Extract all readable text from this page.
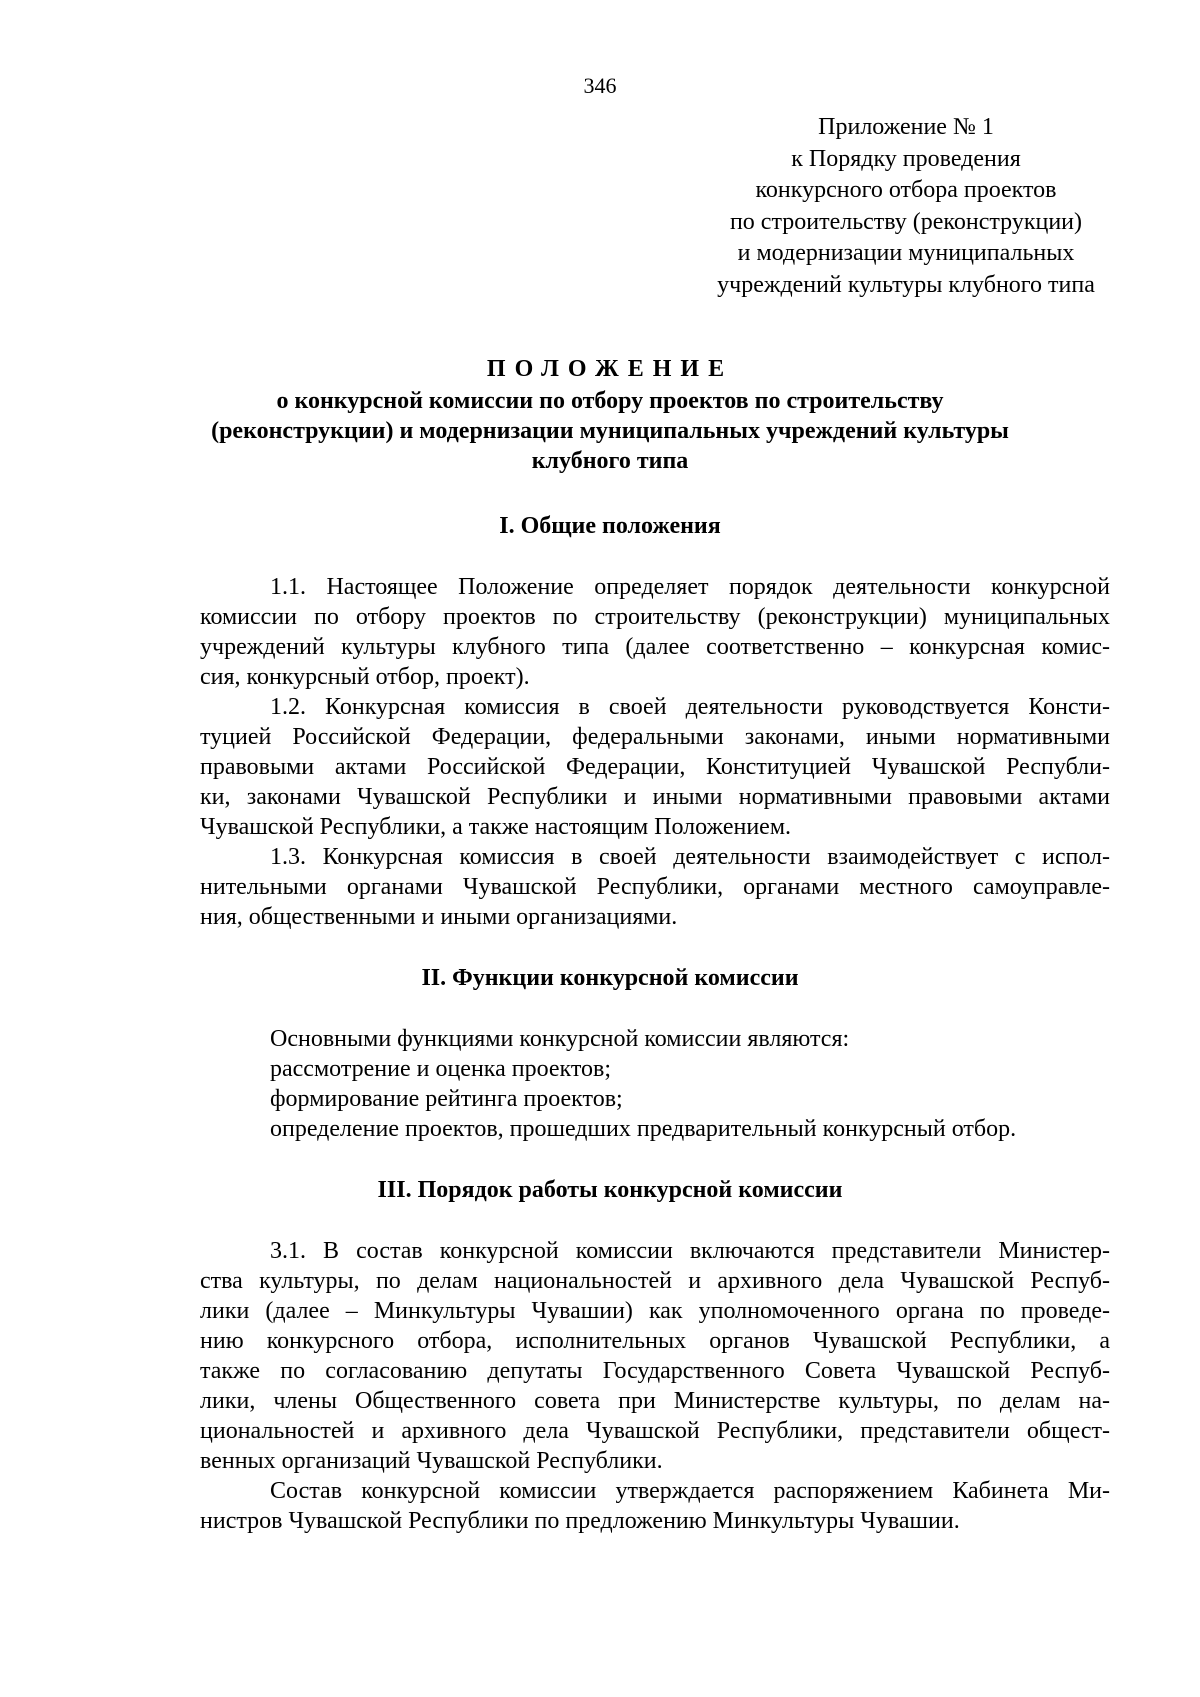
346
Приложение № 1
к Порядку проведения
конкурсного отбора проектов
по строительству (реконструкции)
и модернизации муниципальных
учреждений культуры клубного типа
ПОЛОЖЕНИЕ
о конкурсной комиссии по отбору проектов по строительству
(реконструкции) и модернизации муниципальных учреждений культуры
клубного типа
I. Общие положения
1.1. Настоящее Положение определяет порядок деятельности конкурсной
комиссии по отбору проектов по строительству (реконструкции) муниципальных
учреждений культуры клубного типа (далее соответственно – конкурсная комис-
сия, конкурсный отбор, проект).
1.2. Конкурсная комиссия в своей деятельности руководствуется Консти-
туцией Российской Федерации, федеральными законами, иными нормативными
правовыми актами Российской Федерации, Конституцией Чувашской Республи-
ки, законами Чувашской Республики и иными нормативными правовыми актами
Чувашской Республики, а также настоящим Положением.
1.3. Конкурсная комиссия в своей деятельности взаимодействует с испол-
нительными органами Чувашской Республики, органами местного самоуправле-
ния, общественными и иными организациями.
II. Функции конкурсной комиссии
Основными функциями конкурсной комиссии являются:
рассмотрение и оценка проектов;
формирование рейтинга проектов;
определение проектов, прошедших предварительный конкурсный отбор.
III. Порядок работы конкурсной комиссии
3.1. В состав конкурсной комиссии включаются представители Министер-
ства культуры, по делам национальностей и архивного дела Чувашской Респуб-
лики (далее – Минкультуры Чувашии) как уполномоченного органа по проведе-
нию конкурсного отбора, исполнительных органов Чувашской Республики, а
также по согласованию депутаты Государственного Совета Чувашской Респуб-
лики, члены Общественного совета при Министерстве культуры, по делам на-
циональностей и архивного дела Чувашской Республики, представители общест-
венных организаций Чувашской Республики.
Состав конкурсной комиссии утверждается распоряжением Кабинета Ми-
нистров Чувашской Республики по предложению Минкультуры Чувашии.
